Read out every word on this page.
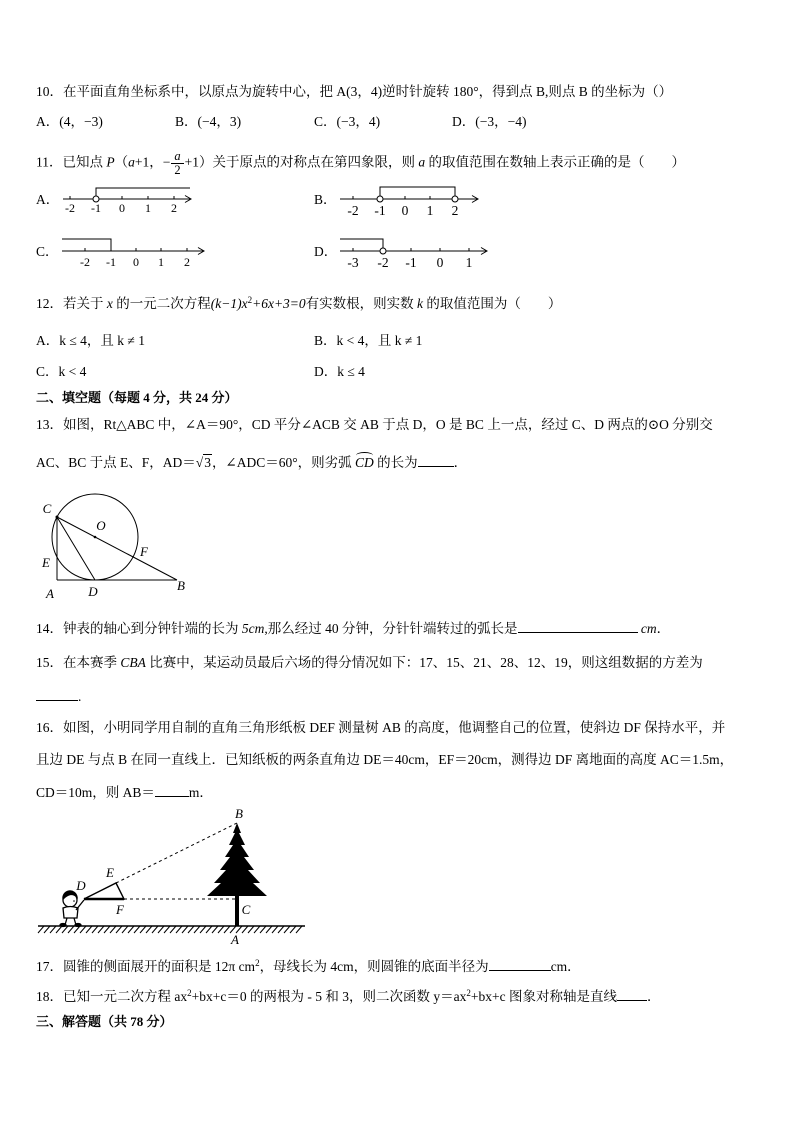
10．在平面直角坐标系中，以原点为旋转中心，把 A(3，4)逆时针旋转 180°，得到点 B,则点 B 的坐标为（）
A．(4，−3)	B．(−4，3)	C．(−3，4)	D．(−3，−4)
11．已知点 P（a+1，− $\frac{a}{2} +1$）关于原点的对称点在第四象限，则 a 的取值范围在数轴上表示正确的是（　　）
A．	B．
C．	D．
-2 -1 0 1 2	-2 -1 0 1 2
-2 -1 0 1 2	-3 -2 -1 0 1
12．若关于 x 的一元二次方程$(k-1)x^2+6x+3=0$有实数根，则实数 k 的取值范围为（　　）
A．k ≤ 4，且 k ≠ 1	B．k < 4，且 k ≠ 1
C．k < 4	D．k ≤ 4
二、填空题（每题 4 分，共 24 分）
13．如图，Rt△ABC 中，∠A＝90°，CD 平分∠ACB 交 AB 于点 D，O 是 BC 上一点，经过 C、D 两点的⊙O 分别交
AC、BC 于点 E、F，AD＝√3，∠ADC＝60°，则劣弧 CD 的长为	．
C
O
E
F
D
A
B
14．钟表的轴心到分钟针端的长为 5cm,那么经过 40 分钟，分针针端转过的弧长是	cm．
15．在本赛季 CBA 比赛中，某运动员最后六场的得分情况如下：17、15、21、28、12、19，则这组数据的方差为
.
16．如图，小明同学用自制的直角三角形纸板 DEF 测量树 AB 的高度，他调整自己的位置，使斜边 DF 保持水平，并
且边 DE 与点 B 在同一直线上．已知纸板的两条直角边 DE＝40cm，EF＝20cm，测得边 DF 离地面的高度 AC＝1.5m，
CD＝10m，则 AB＝	m．
B
E
D
F	C
A
17．圆锥的侧面展开的面积是 12π $cm^2$，母线长为 4cm，则圆锥的底面半径为	cm．
18．已知一元二次方程 $ax^2+bx+c=0$ 的两根为 - 5 和 3，则二次函数 $y=ax^2+bx+c$ 图象对称轴是直线 ．
三、解答题（共 78 分）
